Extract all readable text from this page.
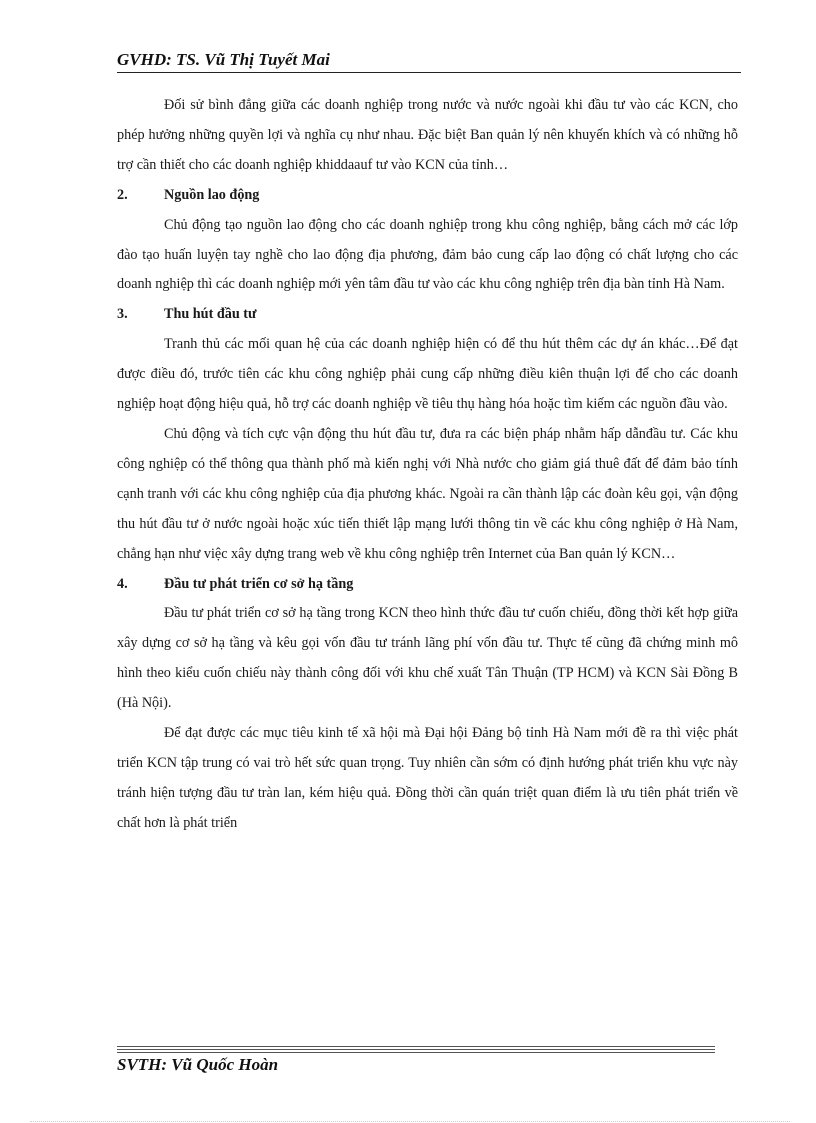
GVHD: TS. Vũ Thị Tuyết Mai

Đối sử bình đẳng giữa các doanh nghiệp trong nước và nước ngoài khi đầu tư vào các KCN, cho phép hưởng những quyền lợi và nghĩa cụ như nhau. Đặc biệt Ban quản lý nên khuyến khích và có những hỗ trợ cần thiết cho các doanh nghiệp khiddaauf tư vào KCN của tỉnh…

2.	Nguồn lao động

Chủ động tạo nguồn lao động cho các doanh nghiệp trong khu công nghiệp, bằng cách mở các lớp đào tạo huấn luyện tay nghề cho lao động địa phương, đảm bảo cung cấp lao động có chất lượng cho các doanh nghiệp thì các doanh nghiệp mới yên tâm đầu tư vào các khu công nghiệp trên địa bàn tỉnh Hà Nam.

3.	Thu hút đầu tư

Tranh thủ các mối quan hệ của các doanh nghiệp hiện có để thu hút thêm các dự án khác…Để đạt được điều đó, trước tiên các khu công nghiệp phải cung cấp những điều kiên thuận lợi để cho các doanh nghiệp hoạt động hiệu quả, hỗ trợ các doanh nghiệp về tiêu thụ hàng hóa hoặc tìm kiếm các nguồn đầu vào.

Chủ động và tích cực vận động thu hút đầu tư, đưa ra các biện pháp nhằm hấp dẫnđầu tư. Các khu công nghiệp có thể thông qua thành phố mà kiến nghị với Nhà nước cho giảm giá thuê đất để đảm bảo tính cạnh tranh với các khu công nghiệp của địa phương khác. Ngoài ra cần thành lập các đoàn kêu gọi, vận động thu hút đầu tư ở nước ngoài hoặc xúc tiến thiết lập mạng lưới thông tin về các khu công nghiệp ở Hà Nam, chẳng hạn như việc xây dựng trang web về khu công nghiệp trên Internet của Ban quản lý KCN…

4.	Đầu tư phát triển cơ sở hạ tầng

Đầu tư phát triển cơ sở hạ tầng trong KCN theo hình thức đầu tư cuốn chiếu, đồng thời kết hợp giữa xây dựng cơ sở hạ tầng và kêu gọi vốn đầu tư tránh lãng phí vốn đầu tư. Thực tế cũng đã chứng minh mô hình theo kiểu cuốn chiếu này thành công đối với khu chế xuất Tân Thuận (TP HCM) và KCN Sài Đồng B (Hà Nội).

Để đạt được các mục tiêu kinh tế xã hội mà Đại hội Đảng bộ tỉnh Hà Nam mới đề ra thì việc phát triển KCN tập trung có vai trò hết sức quan trọng. Tuy nhiên cần sớm có định hướng phát triển khu vực này tránh hiện tượng đầu tư tràn lan, kém hiệu quả. Đồng thời cần quán triệt quan điểm là ưu tiên phát triển về chất hơn là phát triển

SVTH: Vũ Quốc Hoàn
